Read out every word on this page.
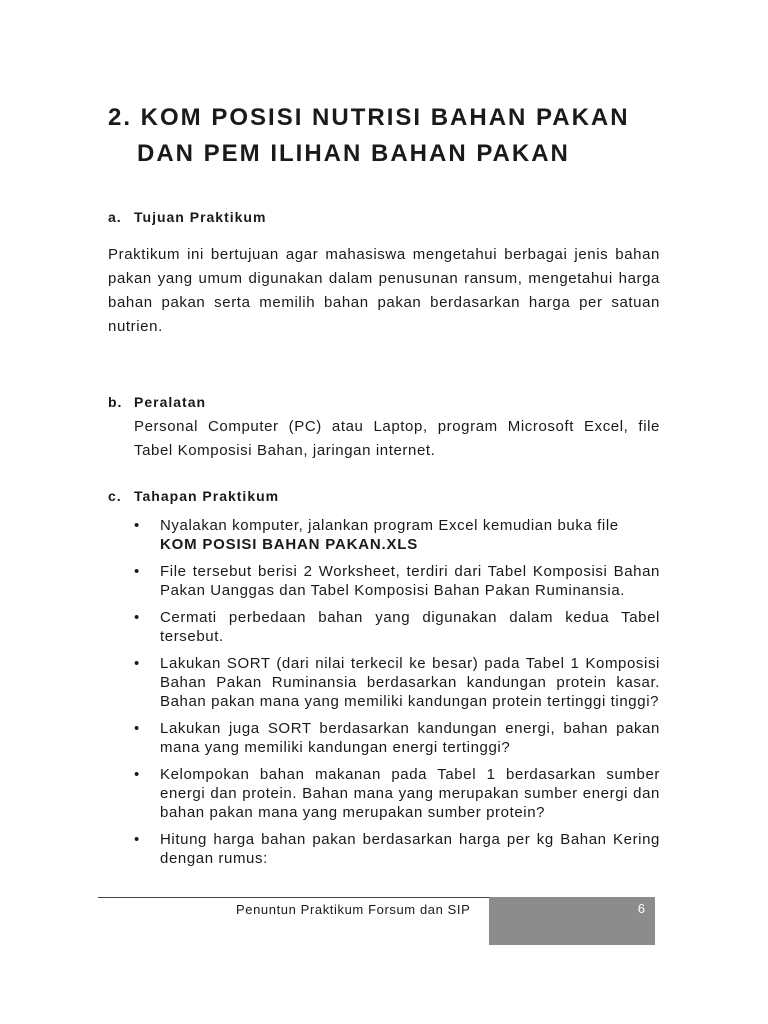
2. KOM POSISI NUTRISI BAHAN PAKAN
DAN PEM ILIHAN BAHAN PAKAN
a. Tujuan Praktikum

Praktikum ini bertujuan agar mahasiswa mengetahui berbagai jenis bahan pakan yang umum digunakan dalam penusunan ransum, mengetahui harga bahan pakan serta memilih bahan pakan berdasarkan harga per satuan nutrien.

b. Peralatan

Personal Computer (PC) atau Laptop, program Microsoft Excel, file Tabel Komposisi Bahan, jaringan internet.

c. Tahapan Praktikum
• Nyalakan komputer, jalankan program Excel kemudian buka file
KOM POSISI BAHAN PAKAN.XLS
• File tersebut berisi 2 Worksheet, terdiri dari Tabel Komposisi Bahan Pakan Uanggas dan Tabel Komposisi Bahan Pakan Ruminansia.
• Cermati perbedaan bahan yang digunakan dalam kedua Tabel tersebut.
• Lakukan SORT (dari nilai terkecil ke besar) pada Tabel 1 Komposisi Bahan Pakan Ruminansia berdasarkan kandungan protein kasar. Bahan pakan mana yang memiliki kandungan protein tertinggi tinggi?
• Lakukan juga SORT berdasarkan kandungan energi, bahan pakan mana yang memiliki kandungan energi tertinggi?
• Kelompokan bahan makanan pada Tabel 1 berdasarkan sumber energi dan protein. Bahan mana yang merupakan sumber energi dan bahan pakan mana yang merupakan sumber protein?
• Hitung harga bahan pakan berdasarkan harga per kg Bahan Kering dengan rumus:
Penuntun Praktikum Forsum dan SIP	6
